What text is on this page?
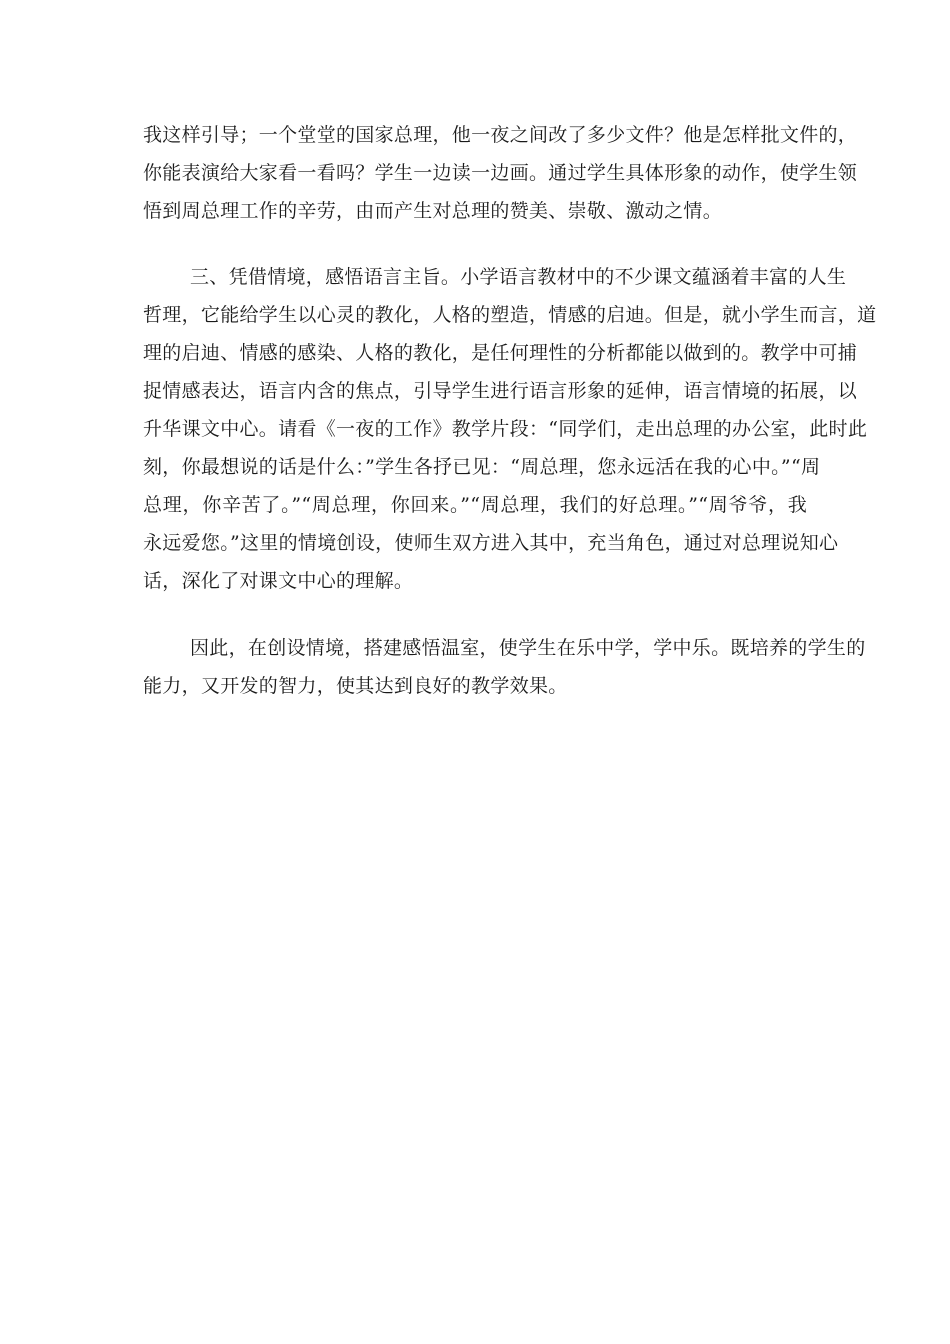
我这样引导；一个堂堂的国家总理，他一夜之间改了多少文件？他是怎样批文件的，
你能表演给大家看一看吗？学生一边读一边画。通过学生具体形象的动作，使学生领
悟到周总理工作的辛劳，由而产生对总理的赞美、崇敬、激动之情。
三、凭借情境，感悟语言主旨。小学语言教材中的不少课文蕴涵着丰富的人生
哲理，它能给学生以心灵的教化，人格的塑造，情感的启迪。但是，就小学生而言，道
理的启迪、情感的感染、人格的教化，是任何理性的分析都能以做到的。教学中可捕
捉情感表达，语言内含的焦点，引导学生进行语言形象的延伸，语言情境的拓展，以
升华课文中心。请看《一夜的工作》教学片段：“同学们，走出总理的办公室，此时此
刻，你最想说的话是什么：”学生各抒已见：“周总理，您永远活在我的心中。”“周
总理，你辛苦了。”“周总理，你回来。”“周总理，我们的好总理。”“周爷爷，我
永远爱您。”这里的情境创设，使师生双方进入其中，充当角色，通过对总理说知心
话，深化了对课文中心的理解。
因此，在创设情境，搭建感悟温室，使学生在乐中学，学中乐。既培养的学生的
能力，又开发的智力，使其达到良好的教学效果。
